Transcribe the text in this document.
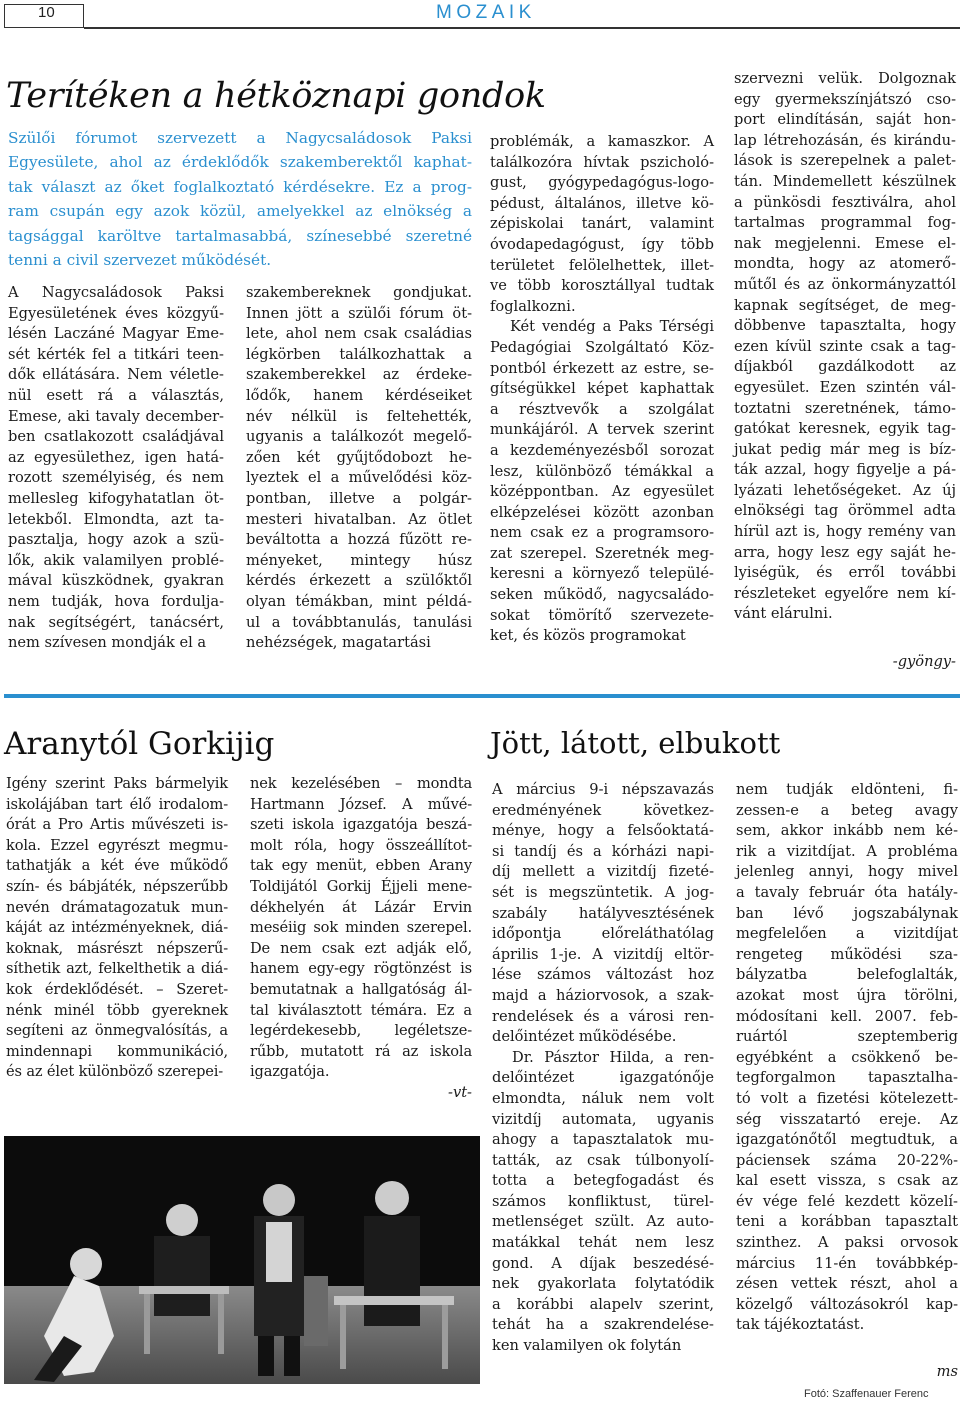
10	MOZAIK
Terítéken a hétköznapi gondok

Szülői fórumot szervezett a Nagycsaládosok Paksi

Egyesülete, ahol az érdeklődők szakemberektől kaphat-

tak választ az őket foglalkoztató kérdésekre. Ez a prog-

ram csupán egy azok közül, amelyekkel az elnökség a

tagsággal karöltve tartalmasabbá, színesebbé szeretné

tenni a civil szervezet működését.

A Nagycsaládosok Paksi

Egyesületének éves közgyű-

lésén Laczáné Magyar Eme-

sét kérték fel a titkári teen-

dők ellátására. Nem véletle-

nül esett rá a választás,

Emese, aki tavaly december-

ben csatlakozott családjával

az egyesülethez, igen hatá-

rozott személyiség, és nem

mellesleg kifogyhatatlan öt-

letekből. Elmondta, azt ta-

pasztalja, hogy azok a szü-

lők, akik valamilyen problé-

mával küszködnek, gyakran

nem tudják, hova fordulja-

nak segítségért, tanácsért,

nem szívesen mondják el a

szakembereknek gondjukat.

Innen jött a szülői fórum öt-

lete, ahol nem csak családias

légkörben találkozhattak a

szakemberekkel az érdeke-

lődők, hanem kérdéseiket

név nélkül is feltehették,

ugyanis a találkozót megelő-

zően két gyűjtődobozt he-

lyeztek el a művelődési köz-

pontban, illetve a polgár-

mesteri hivatalban. Az ötlet

beváltotta a hozzá fűzött re-

ményeket, mintegy húsz

kérdés érkezett a szülőktől

olyan témákban, mint példá-

ul a továbbtanulás, tanulási

nehézségek, magatartási

problémák, a kamaszkor. A

találkozóra hívtak pszicholó-

gust, gyógypedagógus-logo-

pédust, általános, illetve kö-

zépiskolai tanárt, valamint

óvodapedagógust, így több

területet felölelhettek, illet-

ve több korosztállyal tudtak

foglalkozni.

Két vendég a Paks Térségi

Pedagógiai Szolgáltató Köz-

pontból érkezett az estre, se-

gítségükkel képet kaphattak

a résztvevők a szolgálat

munkájáról. A tervek szerint

a kezdeményezésből sorozat

lesz, különböző témákkal a

középpontban. Az egyesület

elképzelései között azonban

nem csak ez a programsoro-

zat szerepel. Szeretnék meg-

keresni a környező települé-

seken működő, nagycsaládo-

sokat tömörítő szervezete-

ket, és közös programokat

szervezni velük. Dolgoznak

egy gyermekszínjátszó cso-

port elindításán, saját hon-

lap létrehozásán, és kirándu-

lások is szerepelnek a palet-

tán. Mindemellett készülnek

a pünkösdi fesztiválra, ahol

tartalmas programmal fog-

nak megjelenni. Emese el-

mondta, hogy az atomerő-

műtől és az önkormányzattól

kapnak segítséget, de meg-

döbbenve tapasztalta, hogy

ezen kívül szinte csak a tag-

díjakból gazdálkodott az

egyesület. Ezen szintén vál-

toztatni szeretnének, támo-

gatókat keresnek, egyik tag-

jukat pedig már meg is bíz-

ták azzal, hogy figyelje a pá-

lyázati lehetőségeket. Az új

elnökségi tag örömmel adta

hírül azt is, hogy remény van

arra, hogy lesz egy saját he-

lyiségük, és erről további

részleteket egyelőre nem kí-

vánt elárulni.

-gyöngy-

Aranytól Gorkijig

Igény szerint Paks bármelyik

iskolájában tart élő irodalom-

órát a Pro Artis művészeti is-

kola. Ezzel egyrészt megmu-

tathatják a két éve működő

szín- és bábjáték, népszerűbb

nevén drámatagozatuk mun-

káját az intézményeknek, diá-

koknak, másrészt népszerű-

síthetik azt, felkelthetik a diá-

kok érdeklődését. – Szeret-

nénk minél több gyereknek

segíteni az önmegvalósítás, a

mindennapi kommunikáció,

és az élet különböző szerepei-

nek kezelésében – mondta

Hartmann József. A művé-

szeti iskola igazgatója beszá-

molt róla, hogy összeállítot-

tak egy menüt, ebben Arany

Toldijától Gorkij Éjjeli mene-

dékhelyén át Lázár Ervin

meséiig sok minden szerepel.

De nem csak ezt adják elő,

hanem egy-egy rögtönzést is

bemutatnak a hallgatóság ál-

tal kiválasztott témára. Ez a

legérdekesebb, legéletsze-

rűbb, mutatott rá az iskola

igazgatója.

-vt-

Fotó: Szaffenauer Ferenc
Jött, látott, elbukott

A március 9-i népszavazás

eredményének következ-

ménye, hogy a felsőoktatá-

si tandíj és a kórházi napi-

díj mellett a vizitdíj fizeté-

sét is megszüntetik. A jog-

szabály hatályvesztésének

időpontja előreláthatólag

április 1-je. A vizitdíj eltör-

lése számos változást hoz

majd a háziorvosok, a szak-

rendelések és a városi ren-

delőintézet működésébe.

Dr. Pásztor Hilda, a ren-

delőintézet igazgatónője

elmondta, náluk nem volt

vizitdíj automata, ugyanis

ahogy a tapasztalatok mu-

tatták, az csak túlbonyolí-

totta a betegfogadást és

számos konfliktust, türel-

metlenséget szült. Az auto-

matákkal tehát nem lesz

gond. A díjak beszedésé-

nek gyakorlata folytatódik

a korábbi alapelv szerint,

tehát ha a szakrendelése-

ken valamilyen ok folytán

nem tudják eldönteni, fi-

zessen-e a beteg avagy

sem, akkor inkább nem ké-

rik a vizitdíjat. A probléma

jelenleg annyi, hogy mivel

a tavaly február óta hatály-

ban lévő jogszabálynak

megfelelően a vizitdíjat

rengeteg működési sza-

bályzatba belefoglalták,

azokat most újra törölni,

módosítani kell. 2007. feb-

ruártól szeptemberig

egyébként a csökkenő be-

tegforgalmon tapasztalha-

tó volt a fizetési kötelezett-

ség visszatartó ereje. Az

igazgatónőtől megtudtuk, a

páciensek száma 20-22%-

kal esett vissza, s csak az

év vége felé kezdett közelí-

teni a korábban tapasztalt

szinthez. A paksi orvosok

március 11-én továbbkép-

zésen vettek részt, ahol a

közelgő változásokról kap-

tak tájékoztatást.

ms
